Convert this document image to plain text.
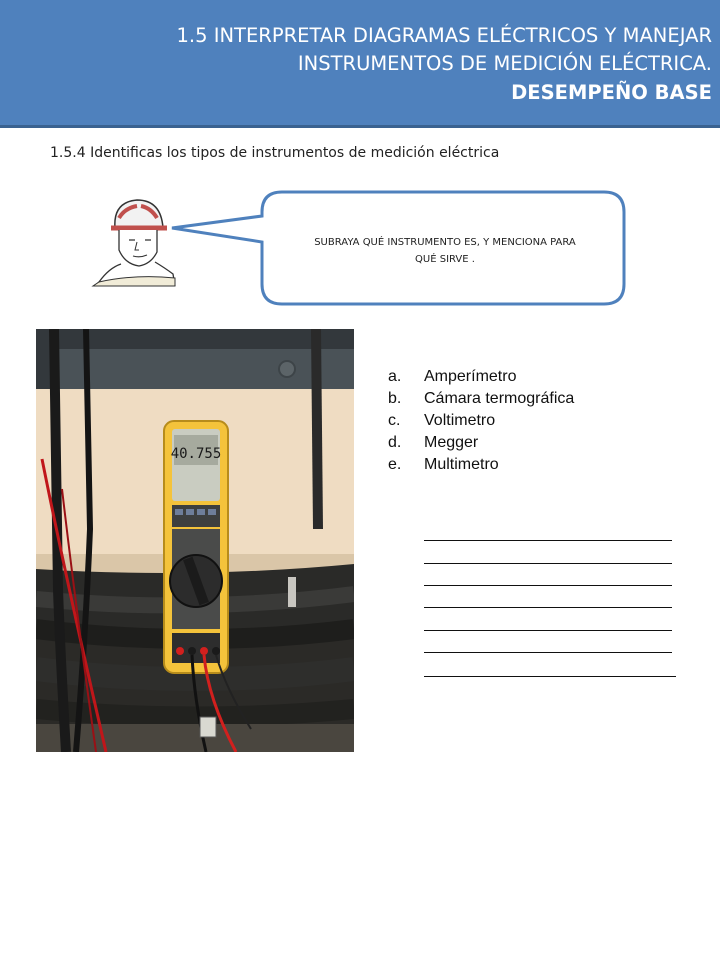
1.5 INTERPRETAR DIAGRAMAS ELÉCTRICOS Y MANEJAR
INSTRUMENTOS DE MEDICIÓN ELÉCTRICA.
DESEMPEÑO BASE
1.5.4 Identificas los tipos de instrumentos de medición eléctrica
SUBRAYA QUÉ INSTRUMENTO ES, Y MENCIONA PARA
QUÉ SIRVE .
40.755
a. Amperímetro
b. Cámara termográfica
c. Voltimetro
d. Megger
e. Multimetro
